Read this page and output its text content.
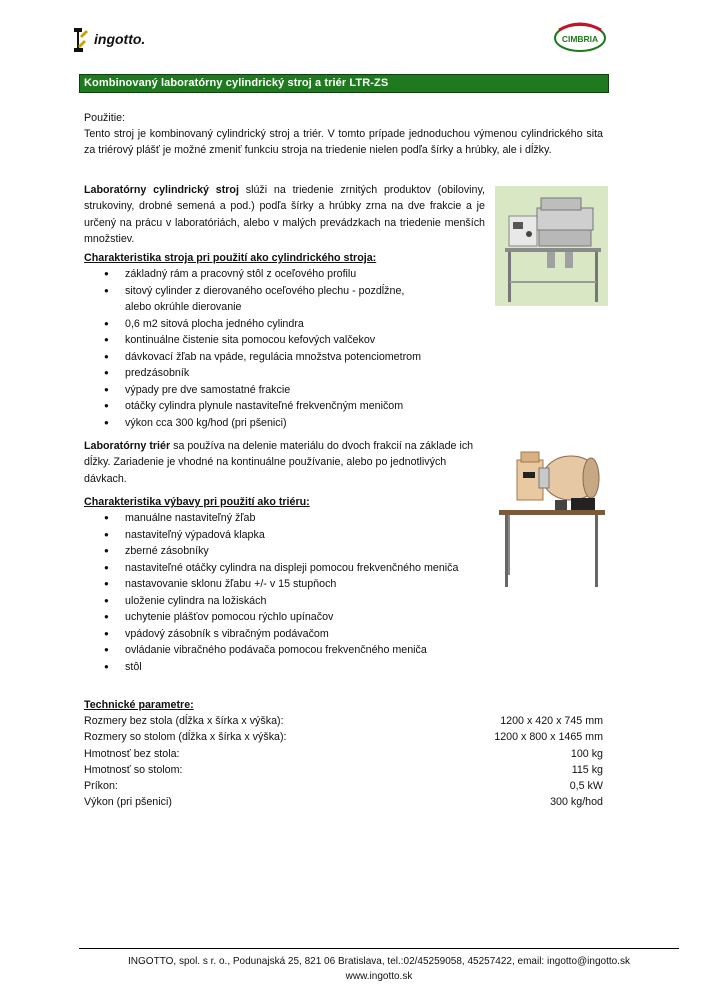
ingotto.	CIMBRIA
Kombinovaný laboratórny cylindrický stroj a triér LTR-ZS
Použitie:
Tento stroj je kombinovaný cylindrický stroj a triér. V tomto prípade jednoduchou výmenou cylindrického sita za triérový plášť je možné zmeniť funkciu stroja na triedenie nielen podľa šírky a hrúbky, ale i dĺžky.
Laboratórny cylindrický stroj slúži na triedenie zrnitých produktov (obiloviny, strukoviny, drobné semená a pod.) podľa šírky a hrúbky zrna na dve frakcie a je určený na prácu v laboratóriách, alebo v malých prevádzkach na triedenie menších množstiev.
Charakteristika stroja pri použití ako cylindrického stroja:
● základný rám a pracovný stôl z oceľového profilu
● sitový cylinder z dierovaného oceľového plechu - pozdĺžne,
alebo okrúhle dierovanie
● 0,6 m2 sitová plocha jedného cylindra
● kontinuálne čistenie sita pomocou kefových valčekov
● dávkovací žľab na vpáde, regulácia množstva potenciometrom
● predzásobník
● výpady pre dve samostatné frakcie
● otáčky cylindra plynule nastaviteľné frekvenčným meničom
● výkon cca 300 kg/hod (pri pšenici)
Laboratórny triér sa používa na delenie materiálu do dvoch frakcií na základe ich dĺžky. Zariadenie je vhodné na kontinuálne používanie, alebo po jednotlivých dávkach.
Charakteristika výbavy pri použití ako triéru:
● manuálne nastaviteľný žľab
● nastaviteľný výpadová klapka
● zberné zásobníky
● nastaviteľné otáčky cylindra na displeji pomocou frekvenčného meniča
● nastavovanie sklonu žľabu +/- v 15 stupňoch
● uloženie cylindra na ložiskách
● uchytenie plášťov pomocou rýchlo upínačov
● vpádový zásobník s vibračným podávačom
● ovládanie vibračného podávača pomocou frekvenčného meniča
● stôl
Technické parametre:
Rozmery bez stola (dĺžka x šírka x výška):	1200 x 420 x 745 mm
Rozmery so stolom (dĺžka x šírka x výška):	1200 x 800 x 1465 mm
Hmotnosť bez stola:	100 kg
Hmotnosť so stolom:	115 kg
Príkon:	0,5 kW
Výkon (pri pšenici)	300 kg/hod
INGOTTO, spol. s r. o., Podunajská 25, 821 06 Bratislava, tel.:02/45259058, 45257422, email: ingotto@ingotto.sk
www.ingotto.sk
